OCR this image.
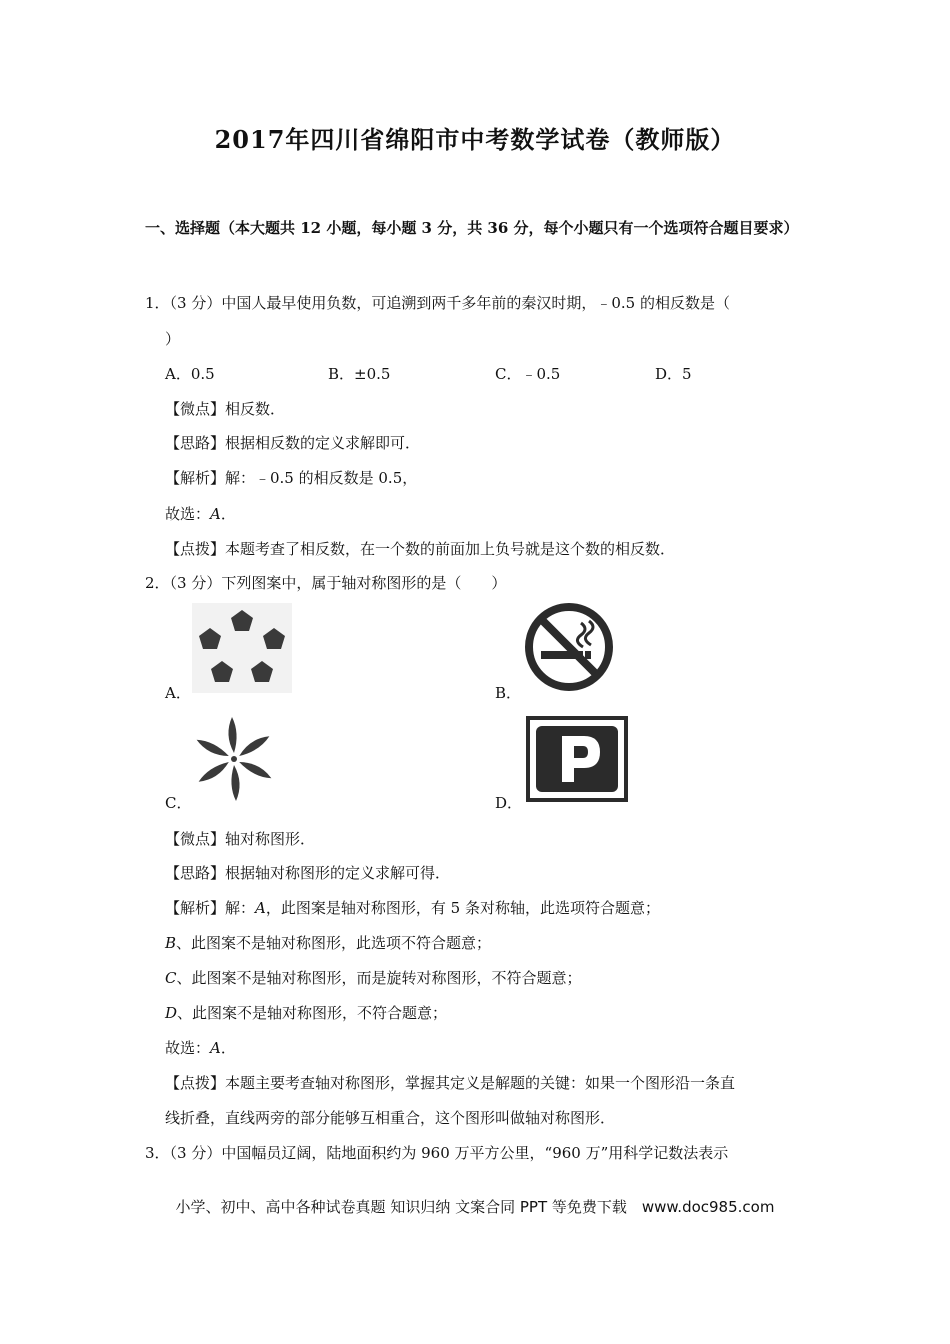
2017年四川省绵阳市中考数学试卷（教师版）
一、选择题（本大题共 12 小题，每小题 3 分，共 36 分，每个小题只有一个选项符合题目要求）
1．（3 分）中国人最早使用负数，可追溯到两千多年前的秦汉时期，﹣0.5 的相反数是（
）
A．0.5	B．±0.5	C．﹣0.5	D．5
【微点】相反数．
【思路】根据相反数的定义求解即可．
【解析】解：﹣0.5 的相反数是 0.5，
故选：A．
【点拨】本题考查了相反数，在一个数的前面加上负号就是这个数的相反数．
2．（3 分）下列图案中，属于轴对称图形的是（　　）
A．	B．
C．	D．
【微点】轴对称图形．
【思路】根据轴对称图形的定义求解可得．
【解析】解：A，此图案是轴对称图形，有 5 条对称轴，此选项符合题意；
B、此图案不是轴对称图形，此选项不符合题意；
C、此图案不是轴对称图形，而是旋转对称图形，不符合题意；
D、此图案不是轴对称图形，不符合题意；
故选：A．
【点拨】本题主要考查轴对称图形，掌握其定义是解题的关键：如果一个图形沿一条直
线折叠，直线两旁的部分能够互相重合，这个图形叫做轴对称图形．
3．（3 分）中国幅员辽阔，陆地面积约为 960 万平方公里，“960 万”用科学记数法表示
小学、初中、高中各种试卷真题 知识归纳 文案合同 PPT 等免费下载　www.doc985.com
